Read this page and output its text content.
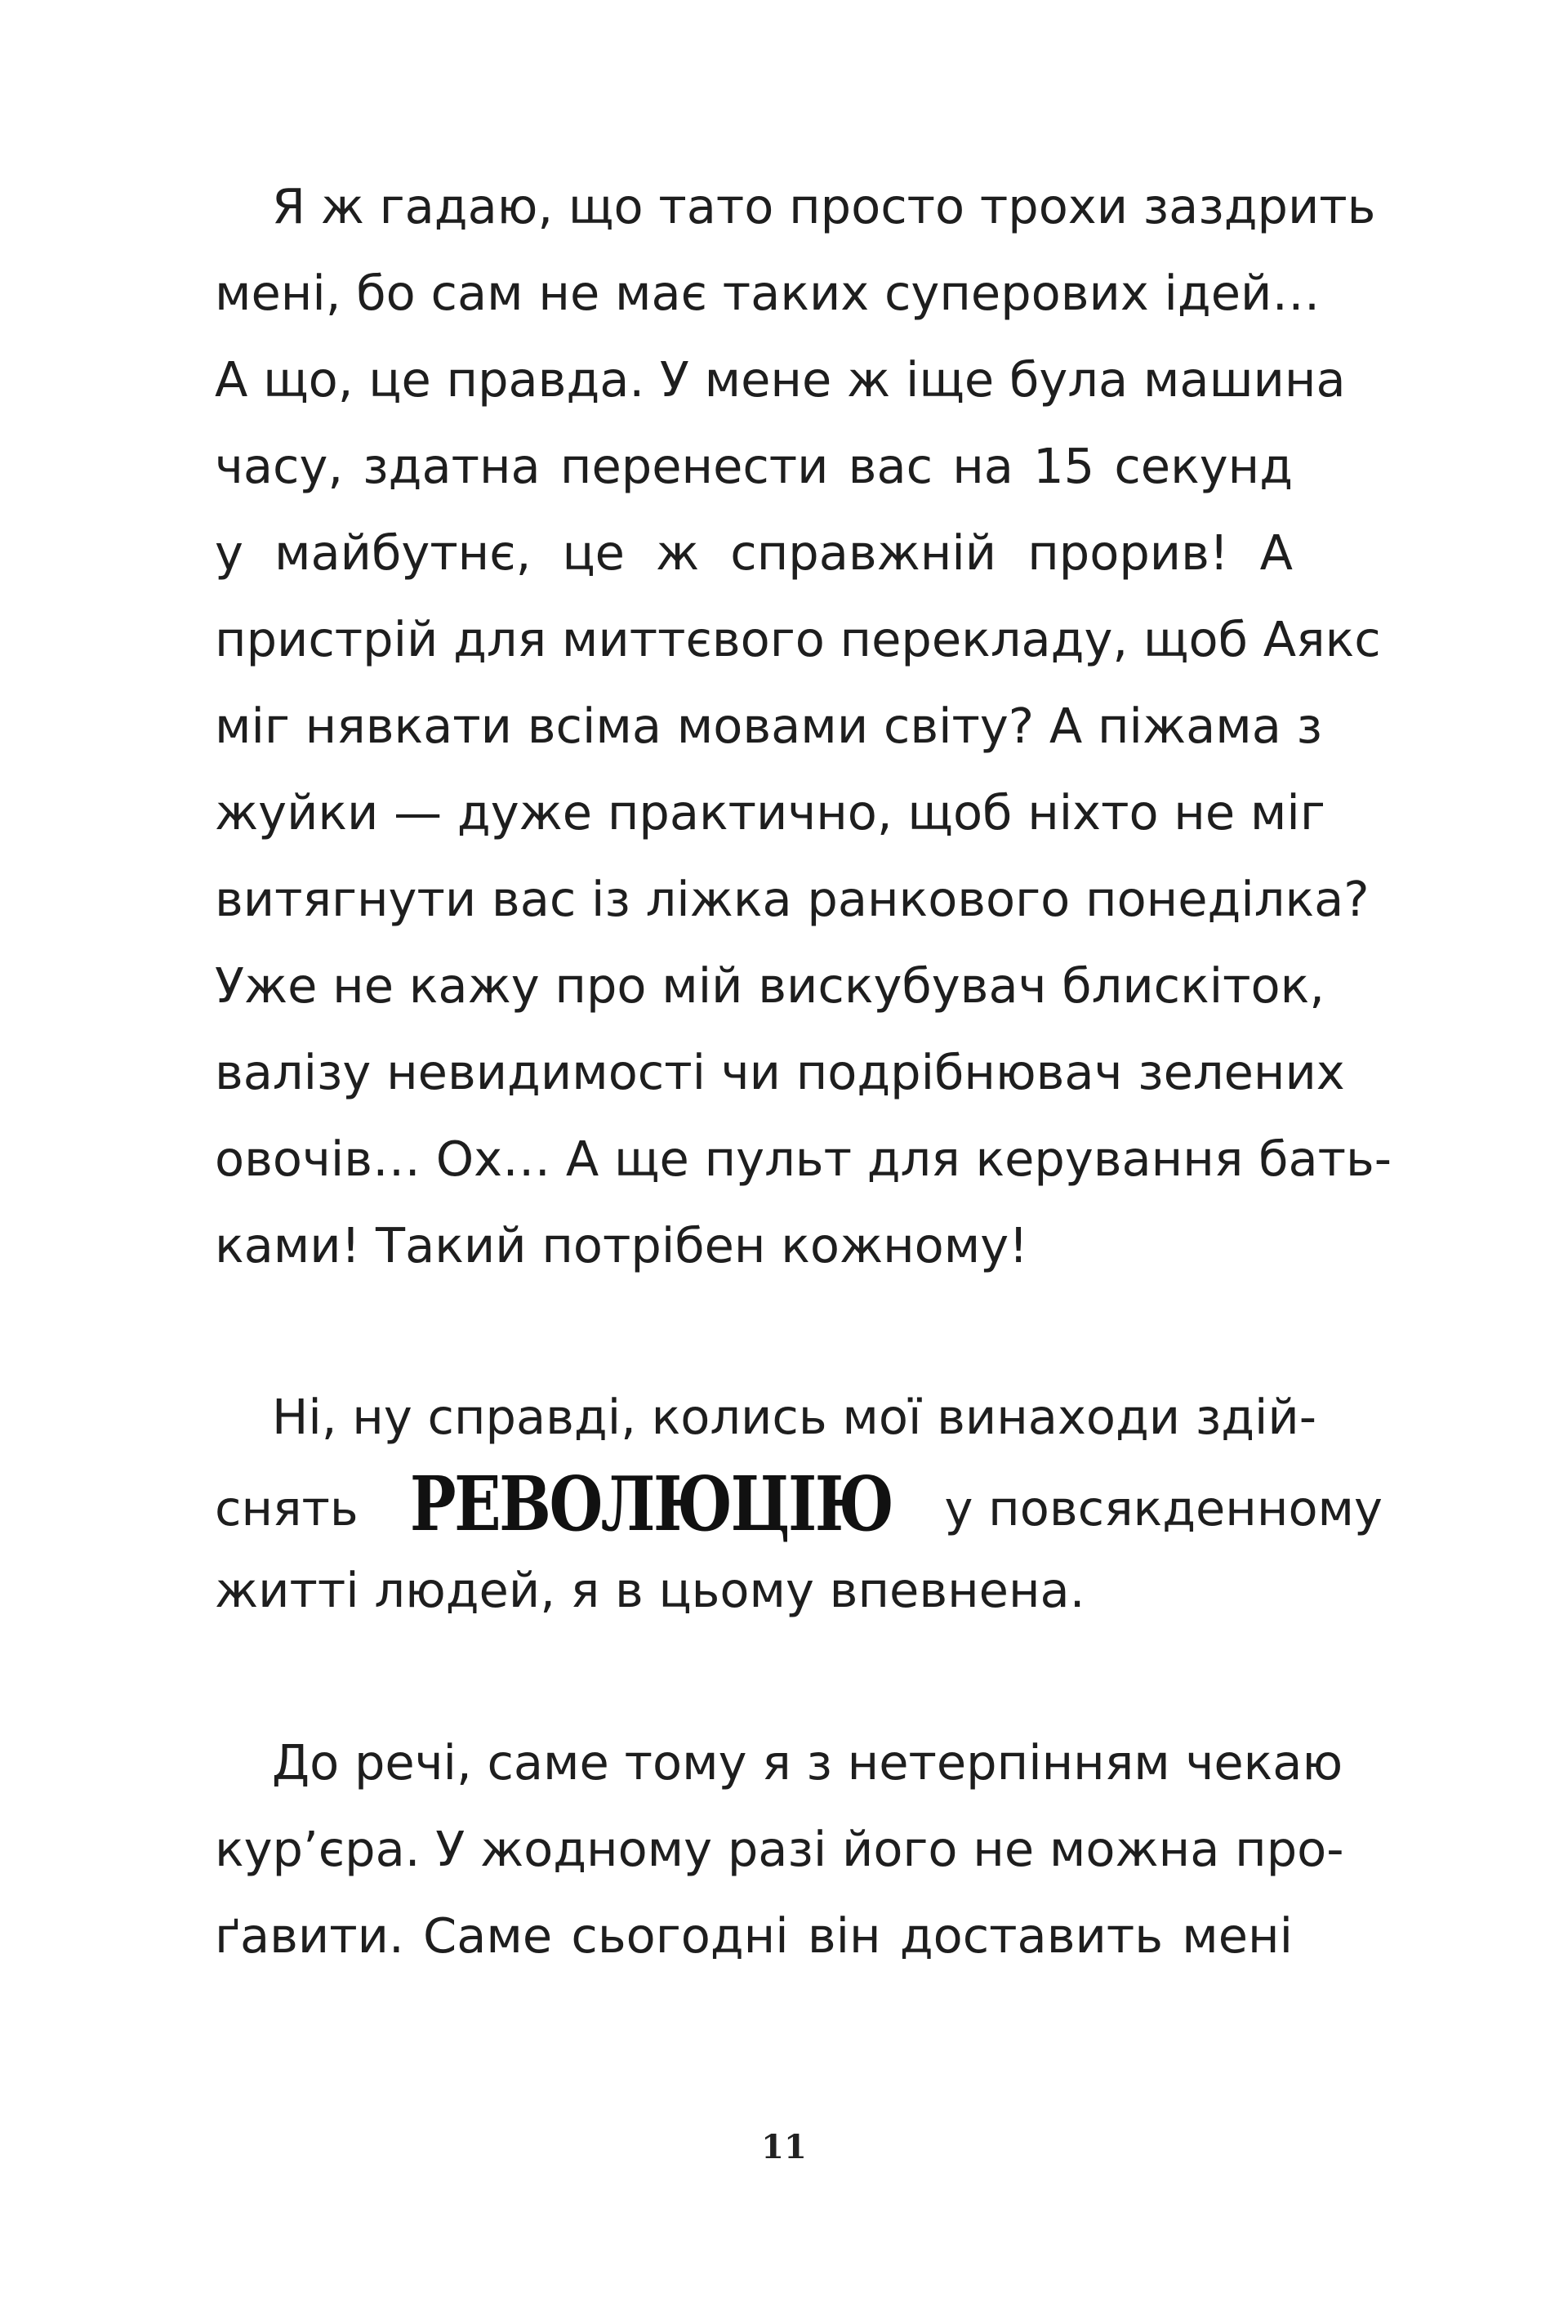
Я ж гадаю, що тато просто трохи заздрить
мені, бо сам не має таких суперових ідей…
А що, це правда. У мене ж іще була машина
часу, здатна перенести вас на 15 секунд
у майбутнє, це ж справжній прорив! А
пристрій для миттєвого перекладу, щоб Аякс
міг нявкати всіма мовами світу? А піжама з
жуйки — дуже практично, щоб ніхто не міг
витягнути вас із ліжка ранкового понеділка?
Уже не кажу про мій вискубувач блискіток,
валізу невидимості чи подрібнювач зелених
овочів… Ох… А ще пульт для керування бать-
ками! Такий потрібен кожному!
Ні, ну справді, колись мої винаходи здій-
снять РЕВОЛЮЦІЮ у повсякденному
житті людей, я в цьому впевнена.
До речі, саме тому я з нетерпінням чекаю
кур’єра. У жодному разі його не можна про-
ґавити. Саме сьогодні він доставить мені
11
